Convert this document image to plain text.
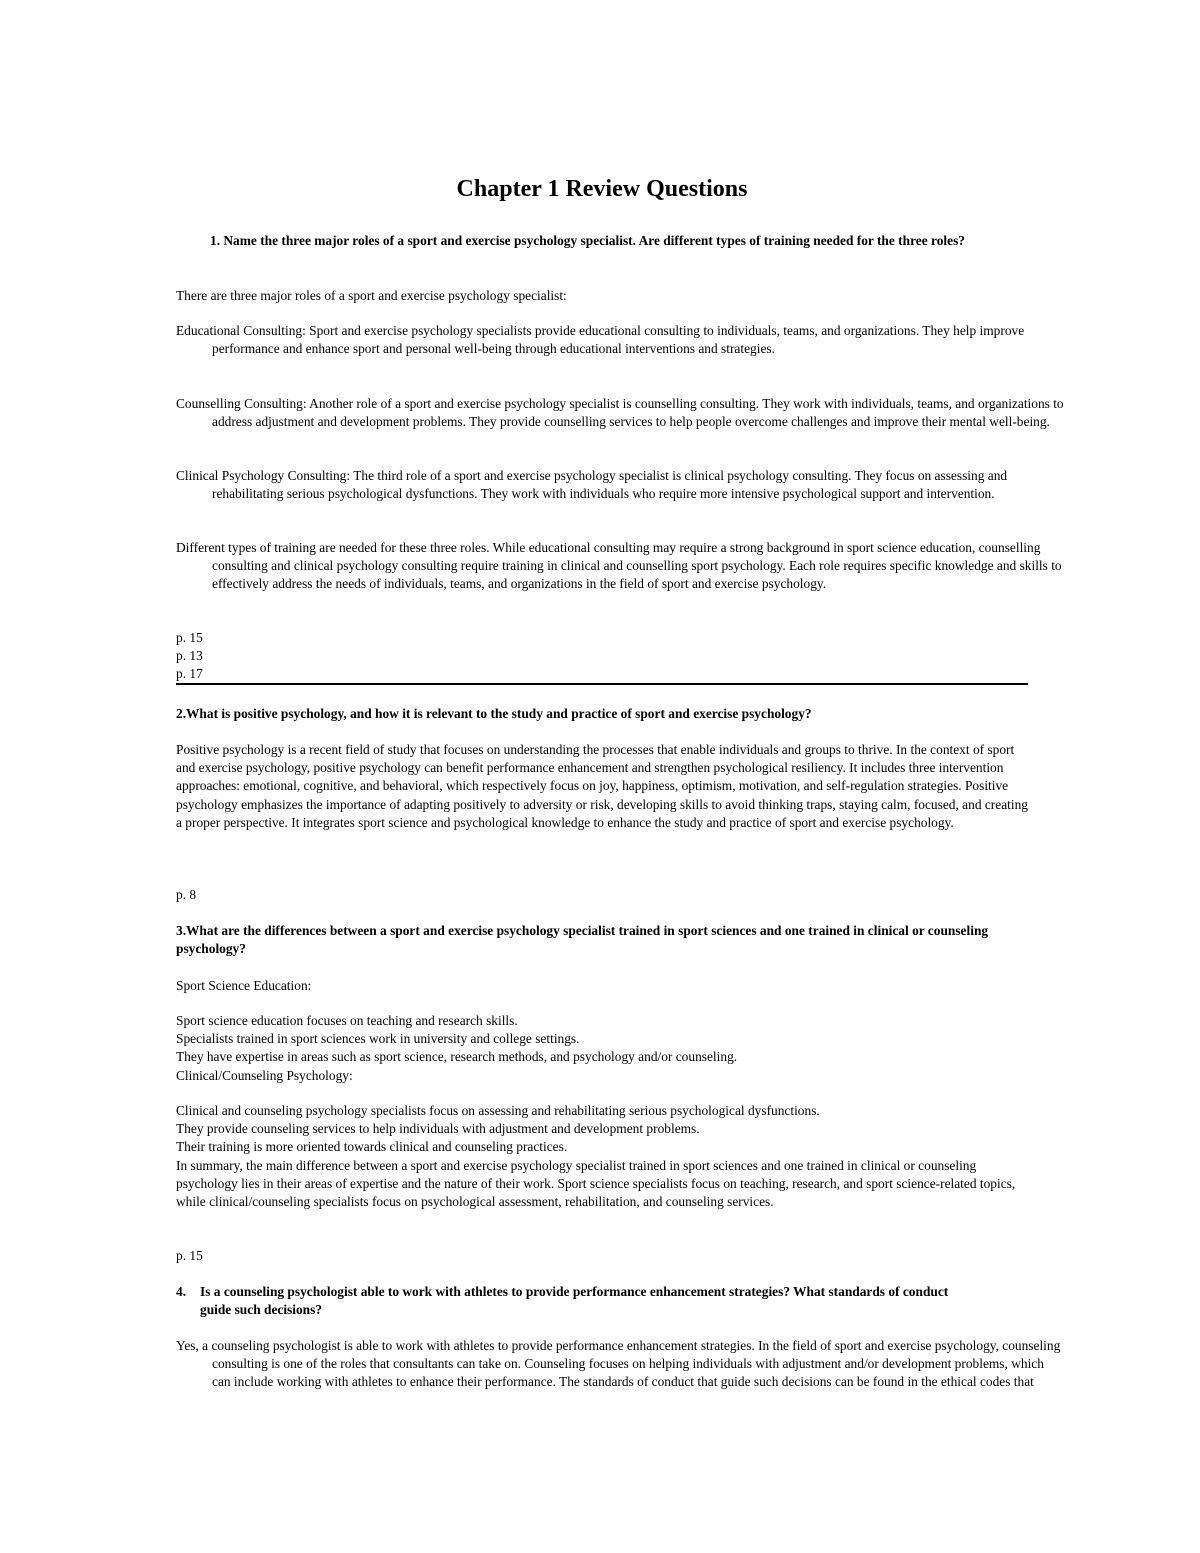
Chapter 1 Review Questions

1. Name the three major roles of a sport and exercise psychology specialist. Are different types of training needed for the three roles?

There are three major roles of a sport and exercise psychology specialist:

Educational Consulting: Sport and exercise psychology specialists provide educational consulting to individuals, teams, and organizations. They help improve performance and enhance sport and personal well-being through educational interventions and strategies.

Counselling Consulting: Another role of a sport and exercise psychology specialist is counselling consulting. They work with individuals, teams, and organizations to address adjustment and development problems. They provide counselling services to help people overcome challenges and improve their mental well-being.

Clinical Psychology Consulting: The third role of a sport and exercise psychology specialist is clinical psychology consulting. They focus on assessing and rehabilitating serious psychological dysfunctions. They work with individuals who require more intensive psychological support and intervention.

Different types of training are needed for these three roles. While educational consulting may require a strong background in sport science education, counselling consulting and clinical psychology consulting require training in clinical and counselling sport psychology. Each role requires specific knowledge and skills to effectively address the needs of individuals, teams, and organizations in the field of sport and exercise psychology.

p. 15
p. 13
p. 17

2.What is positive psychology, and how it is relevant to the study and practice of sport and exercise psychology?

Positive psychology is a recent field of study that focuses on understanding the processes that enable individuals and groups to thrive. In the context of sport and exercise psychology, positive psychology can benefit performance enhancement and strengthen psychological resiliency. It includes three intervention approaches: emotional, cognitive, and behavioral, which respectively focus on joy, happiness, optimism, motivation, and self-regulation strategies. Positive psychology emphasizes the importance of adapting positively to adversity or risk, developing skills to avoid thinking traps, staying calm, focused, and creating a proper perspective. It integrates sport science and psychological knowledge to enhance the study and practice of sport and exercise psychology.

p. 8

3.What are the differences between a sport and exercise psychology specialist trained in sport sciences and one trained in clinical or counseling psychology?

Sport Science Education:

Sport science education focuses on teaching and research skills.
Specialists trained in sport sciences work in university and college settings.
They have expertise in areas such as sport science, research methods, and psychology and/or counseling.
Clinical/Counseling Psychology:

Clinical and counseling psychology specialists focus on assessing and rehabilitating serious psychological dysfunctions.
They provide counseling services to help individuals with adjustment and development problems.
Their training is more oriented towards clinical and counseling practices.
In summary, the main difference between a sport and exercise psychology specialist trained in sport sciences and one trained in clinical or counseling psychology lies in their areas of expertise and the nature of their work. Sport science specialists focus on teaching, research, and sport science-related topics, while clinical/counseling specialists focus on psychological assessment, rehabilitation, and counseling services.

p. 15

4. Is a counseling psychologist able to work with athletes to provide performance enhancement strategies? What standards of conduct guide such decisions?

Yes, a counseling psychologist is able to work with athletes to provide performance enhancement strategies. In the field of sport and exercise psychology, counseling consulting is one of the roles that consultants can take on. Counseling focuses on helping individuals with adjustment and/or development problems, which can include working with athletes to enhance their performance. The standards of conduct that guide such decisions can be found in the ethical codes that
